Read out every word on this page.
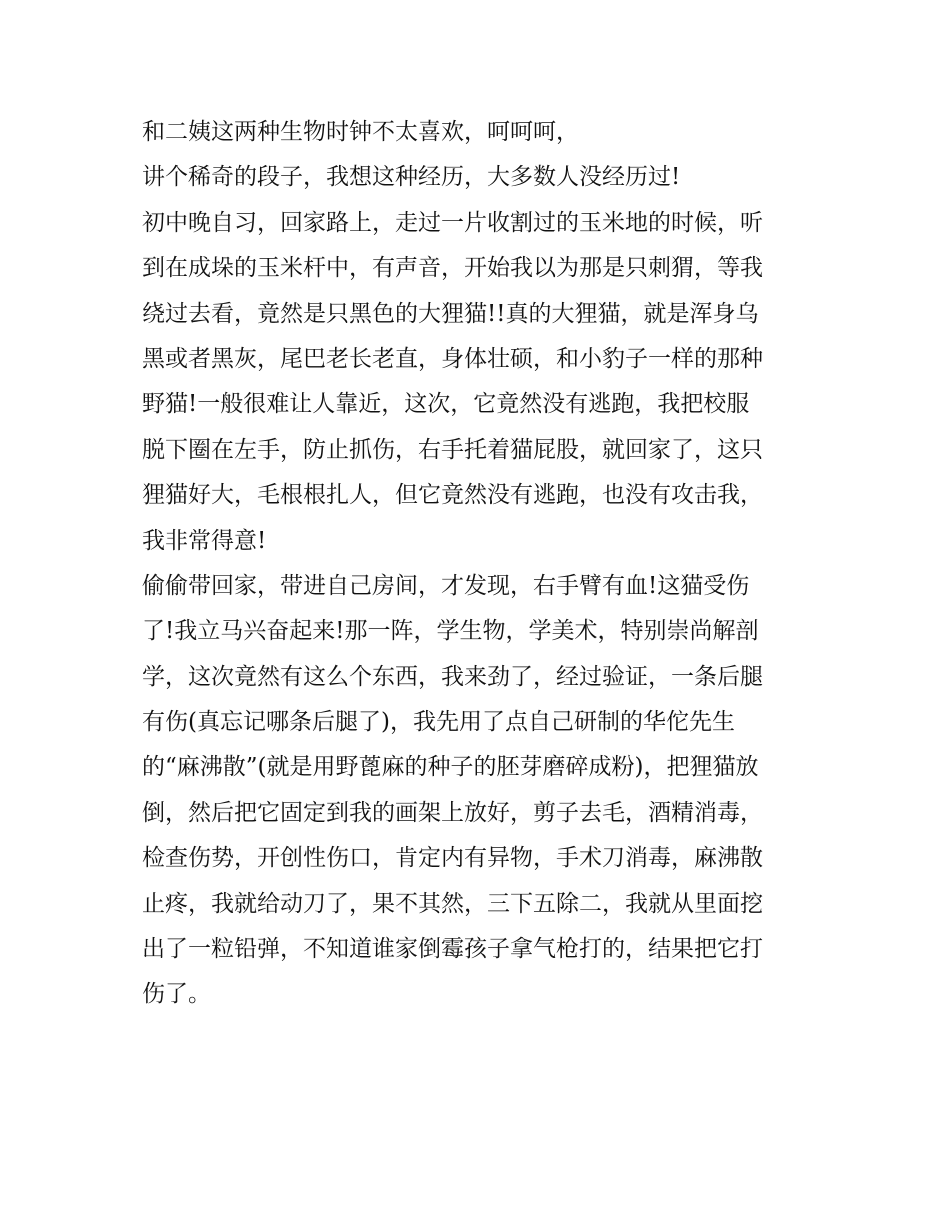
和二姨这两种生物时钟不太喜欢，呵呵呵，
讲个稀奇的段子，我想这种经历，大多数人没经历过!
初中晚自习，回家路上，走过一片收割过的玉米地的时候，听
到在成垛的玉米杆中，有声音，开始我以为那是只刺猬，等我
绕过去看，竟然是只黑色的大狸猫!!真的大狸猫，就是浑身乌
黑或者黑灰，尾巴老长老直，身体壮硕，和小豹子一样的那种
野猫!一般很难让人靠近，这次，它竟然没有逃跑，我把校服
脱下圈在左手，防止抓伤，右手托着猫屁股，就回家了，这只
狸猫好大，毛根根扎人，但它竟然没有逃跑，也没有攻击我，
我非常得意!
偷偷带回家，带进自己房间，才发现，右手臂有血!这猫受伤
了!我立马兴奋起来!那一阵，学生物，学美术，特别崇尚解剖
学，这次竟然有这么个东西，我来劲了，经过验证，一条后腿
有伤(真忘记哪条后腿了)，我先用了点自己研制的华佗先生
的“麻沸散”(就是用野蓖麻的种子的胚芽磨碎成粉)，把狸猫放
倒，然后把它固定到我的画架上放好，剪子去毛，酒精消毒，
检查伤势，开创性伤口，肯定内有异物，手术刀消毒，麻沸散
止疼，我就给动刀了，果不其然，三下五除二，我就从里面挖
出了一粒铅弹，不知道谁家倒霉孩子拿气枪打的，结果把它打
伤了。
